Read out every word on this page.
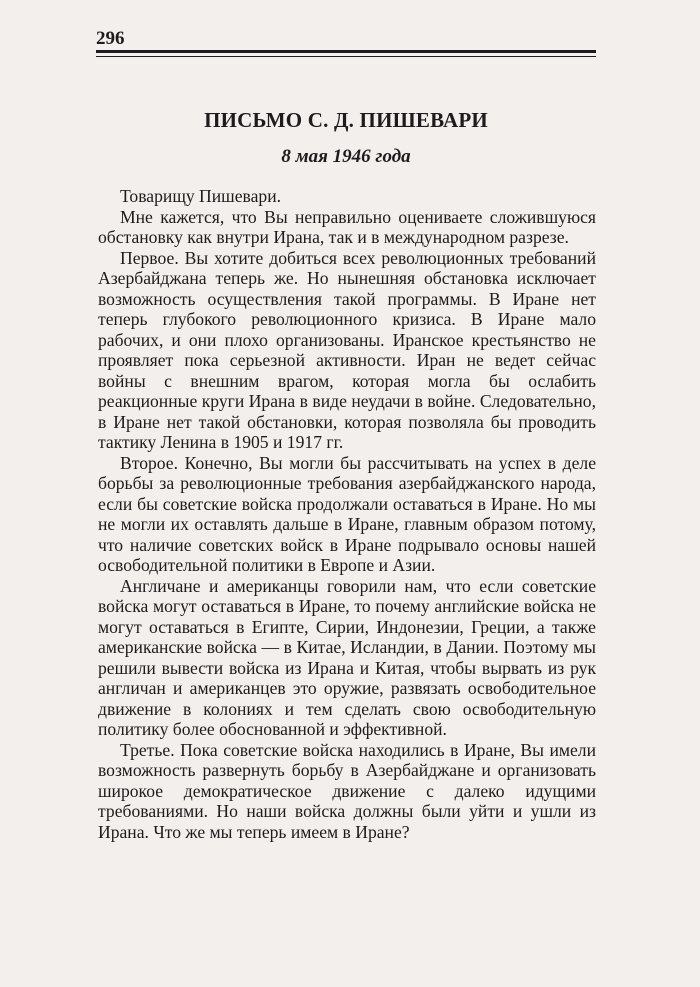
296
ПИСЬМО С. Д. ПИШЕВАРИ
8 мая 1946 года

Товарищу Пишевари.

Мне кажется, что Вы неправильно оцениваете сложившуюся обстановку как внутри Ирана, так и в международном разрезе.

Первое. Вы хотите добиться всех революционных требований Азербайджана теперь же. Но нынешняя обстановка исключает возможность осуществления такой программы. В Иране нет теперь глубокого революционного кризиса. В Иране мало рабочих, и они плохо организованы. Иранское крестьянство не проявляет пока серьезной активности. Иран не ведет сейчас войны с внешним врагом, которая могла бы ослабить реакционные круги Ирана в виде неудачи в войне. Следовательно, в Иране нет такой обстановки, которая позволяла бы проводить тактику Ленина в 1905 и 1917 гг.

Второе. Конечно, Вы могли бы рассчитывать на успех в деле борьбы за революционные требования азербайджанского народа, если бы советские войска продолжали оставаться в Иране. Но мы не могли их оставлять дальше в Иране, главным образом потому, что наличие советских войск в Иране подрывало основы нашей освободительной политики в Европе и Азии.

Англичане и американцы говорили нам, что если советские войска могут оставаться в Иране, то почему английские войска не могут оставаться в Египте, Сирии, Индонезии, Греции, а также американские войска — в Китае, Исландии, в Дании. Поэтому мы решили вывести войска из Ирана и Китая, чтобы вырвать из рук англичан и американцев это оружие, развязать освободительное движение в колониях и тем сделать свою освободительную политику более обоснованной и эффективной.

Третье. Пока советские войска находились в Иране, Вы имели возможность развернуть борьбу в Азербайджане и организовать широкое демократическое движение с далеко идущими требованиями. Но наши войска должны были уйти и ушли из Ирана. Что же мы теперь имеем в Иране?
